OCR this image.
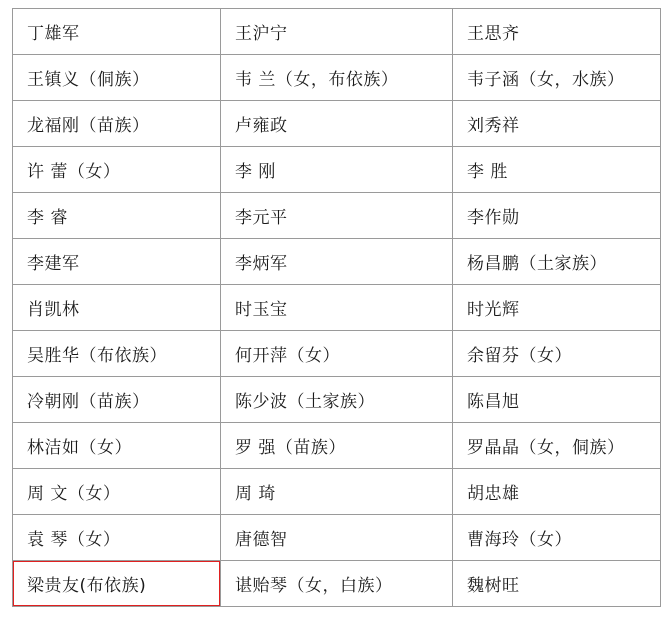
丁雄军	王沪宁	王思齐
王镇义（侗族）	韦 兰（女，布依族）	韦子涵（女，水族）
龙福刚（苗族）	卢雍政	刘秀祥
许 蕾（女）	李 刚	李 胜
李 睿	李元平	李作勋
李建军	李炳军	杨昌鹏（土家族）
肖凯林	时玉宝	时光辉
吴胜华（布依族）	何开萍（女）	余留芬（女）
冷朝刚（苗族）	陈少波（土家族）	陈昌旭
林洁如（女）	罗 强（苗族）	罗晶晶（女，侗族）
周 文（女）	周 琦	胡忠雄
袁 琴（女）	唐德智	曹海玲（女）
梁贵友(布依族)	谌贻琴（女，白族）	魏树旺
